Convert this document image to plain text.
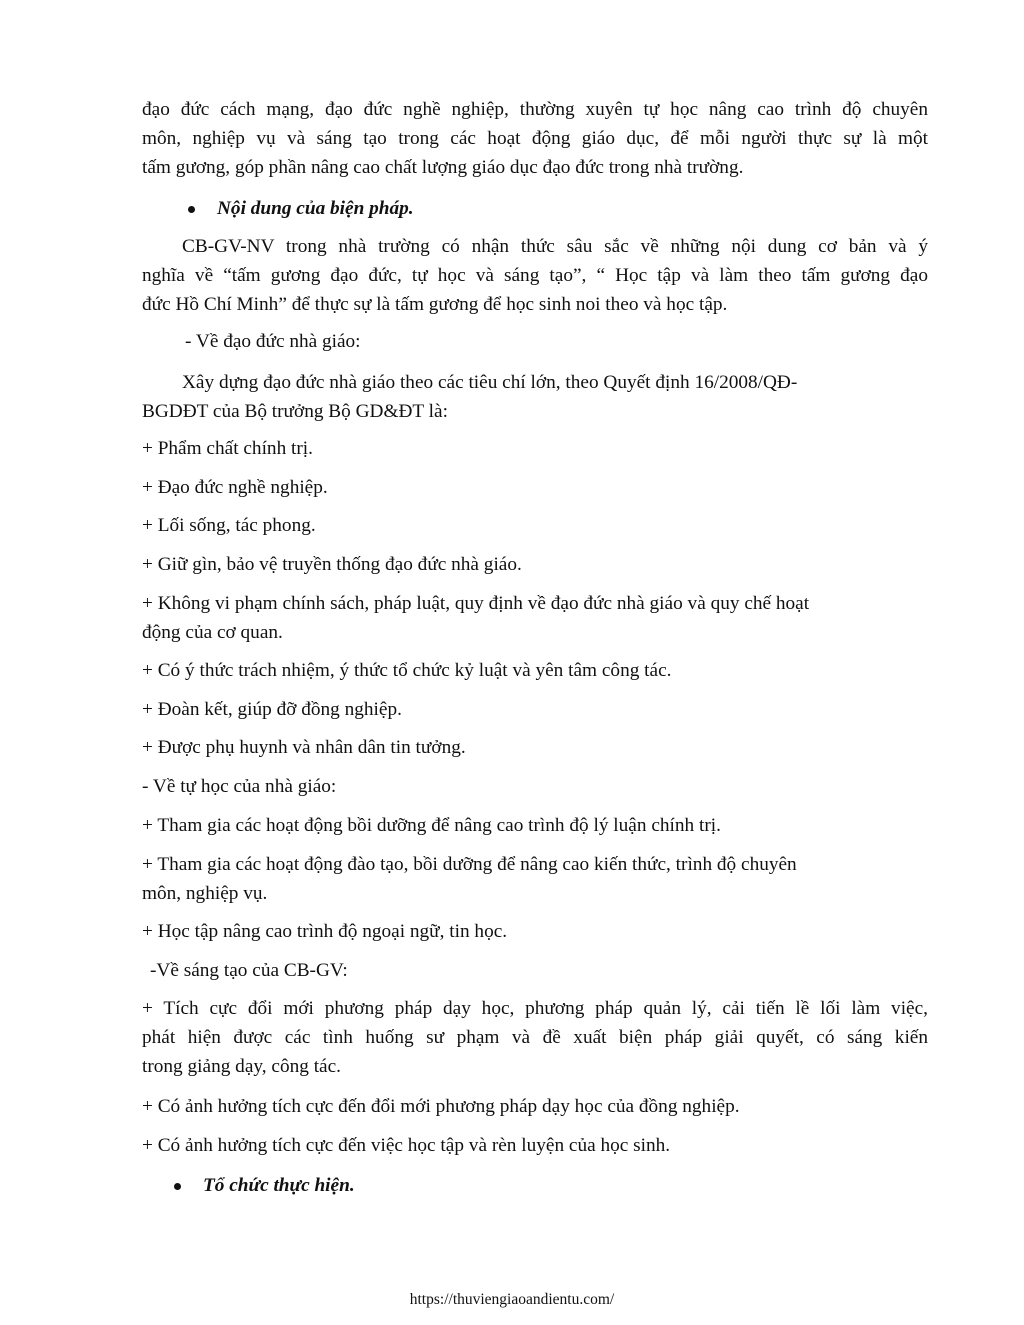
đạo đức cách mạng, đạo đức nghề nghiệp, thường xuyên tự học nâng cao trình độ chuyên
môn, nghiệp vụ và sáng tạo trong các hoạt động giáo dục, để mỗi người thực sự là một
tấm gương, góp phần nâng cao chất lượng giáo dục đạo đức trong nhà trường.
Nội dung của biện pháp.
CB-GV-NV trong nhà trường có nhận thức sâu sắc về những nội dung cơ bản và ý
nghĩa về “tấm gương đạo đức, tự học và sáng tạo”, “ Học tập và làm theo tấm gương đạo
đức Hồ Chí Minh” để thực sự là tấm gương để học sinh noi theo và học tập.
- Về đạo đức nhà giáo:
Xây dựng đạo đức nhà giáo theo các tiêu chí lớn, theo Quyết định 16/2008/QĐ-
BGDĐT của Bộ trưởng Bộ GD&ĐT là:
+ Phẩm chất chính trị.
+ Đạo đức nghề nghiệp.
+ Lối sống, tác phong.
+ Giữ gìn, bảo vệ truyền thống đạo đức nhà giáo.
+ Không vi phạm chính sách, pháp luật, quy định về đạo đức nhà giáo và quy chế hoạt
động của cơ quan.
+ Có ý thức trách nhiệm, ý thức tổ chức kỷ luật và yên tâm công tác.
+ Đoàn kết, giúp đỡ đồng nghiệp.
+ Được phụ huynh và nhân dân tin tưởng.
- Về tự học của nhà giáo:
+ Tham gia các hoạt động bồi dưỡng để nâng cao trình độ lý luận chính trị.
+ Tham gia các hoạt động đào tạo, bồi dưỡng để nâng cao kiến thức, trình độ chuyên
môn, nghiệp vụ.
+ Học tập nâng cao trình độ ngoại ngữ, tin học.
-Về sáng tạo của CB-GV:
+ Tích cực đổi mới phương pháp dạy học, phương pháp quản lý, cải tiến lề lối làm việc,
phát hiện được các tình huống sư phạm và đề xuất biện pháp giải quyết, có sáng kiến
trong giảng dạy, công tác.
+ Có ảnh hưởng tích cực đến đổi mới phương pháp dạy học của đồng nghiệp.
+ Có ảnh hưởng tích cực đến việc học tập và rèn luyện của học sinh.
Tổ chức thực hiện.
https://thuviengiaoandientu.com/
